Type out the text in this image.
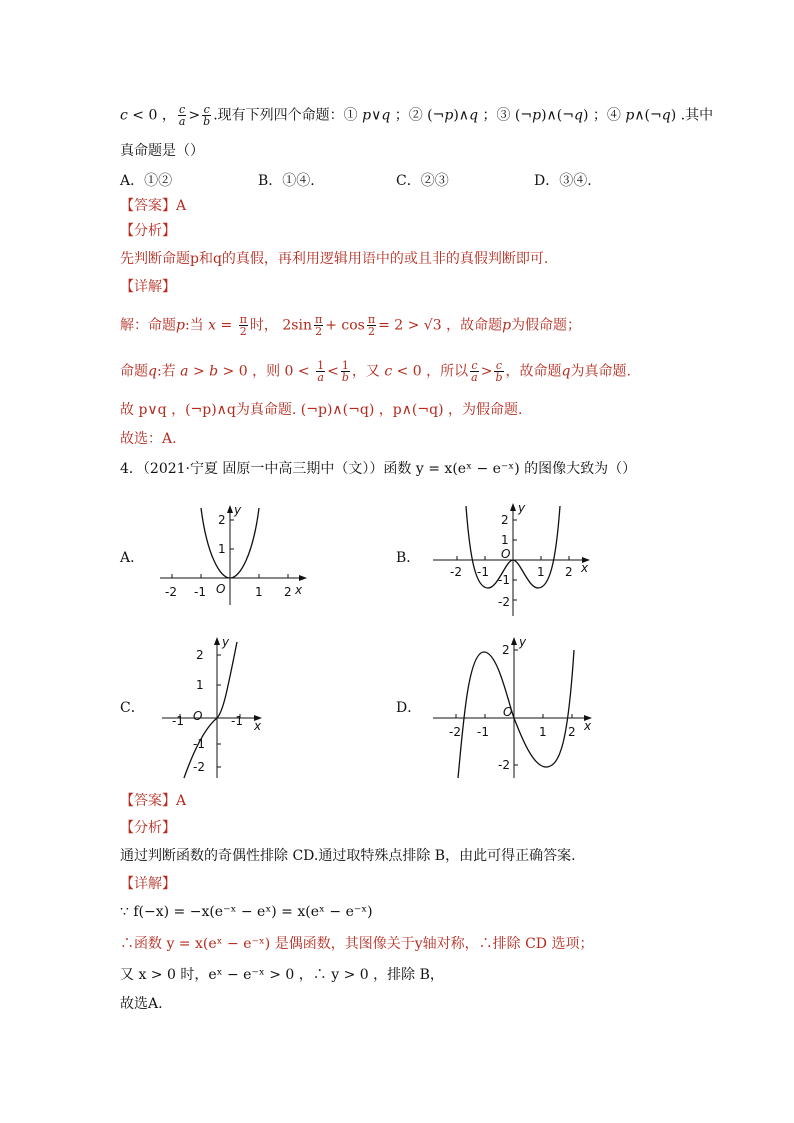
c < 0 ， $\frac{c}{a} > \frac{c}{b}$ .现有下列四个命题：① p∨q ；② (¬p)∧q ；③ (¬p)∧(¬q) ；④ p∧(¬q) .其中
真命题是（）
A．①②	B．①④.	C．②③	D．③④.
【答案】A
【分析】
先判断命题p和q的真假，再利用逻辑用语中的或且非的真假判断即可.
【详解】
解：命题p:当 $x = \frac{\pi}{2}$ 时， $2\sin \frac{\pi}{2} + \cos \frac{\pi}{2} = 2 > √3$ ，故命题p为假命题；
命题q:若 a > b > 0 ，则 $0 < \frac{1}{a} < \frac{1}{b}$ ，又 c < 0 ，所以 $\frac{c}{a} > \frac{c}{b}$ ，故命题q为真命题.
故 p∨q ，(¬p)∧q为真命题. (¬p)∧(¬q) ，p∧(¬q) ，为假命题.
故选：A.
4．（2021·宁夏 固原一中高三期中（文））函数 y = x(eˣ − e⁻ˣ) 的图像大致为（）
A．
-2 -1	1 2
2
1
O	x
y
B．
-2 -1	1 2
2
1
-1
-2
O
x
y
C．
-1	-1
2
1
-1
-2
O
x
y
D．
-2 -1	1 2
2
-2
O
x
y
【答案】A
【分析】
通过判断函数的奇偶性排除 CD.通过取特殊点排除 B，由此可得正确答案.
【详解】
∵ f(−x) = −x(e⁻ˣ − eˣ) = x(eˣ − e⁻ˣ)
∴函数 y = x(eˣ − e⁻ˣ) 是偶函数，其图像关于y轴对称，∴排除 CD 选项；
又 x > 0 时，eˣ − e⁻ˣ > 0 ，∴ y > 0 ，排除 B，
故选A.
